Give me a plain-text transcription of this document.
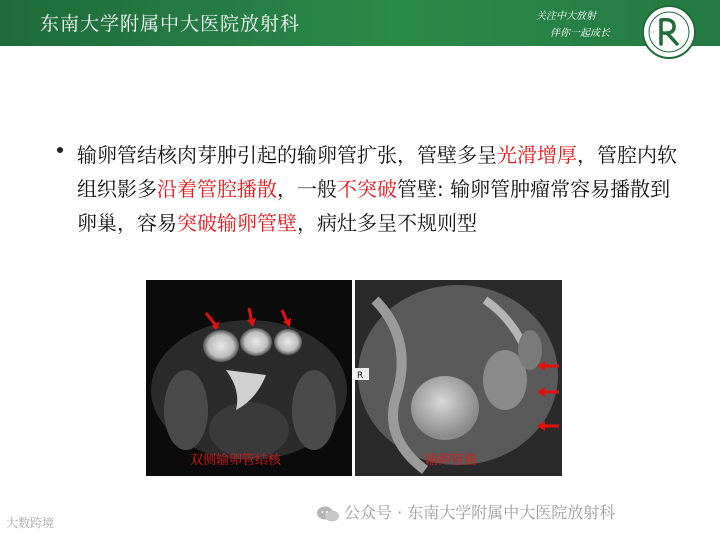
东南大学附属中大医院放射科	关注中大放射
伴你一起成长
输卵管结核肉芽肿引起的输卵管扩张，管壁多呈光滑增厚，管腔内软组织影多沿着管腔播散，一般不突破管壁: 输卵管肿瘤常容易播散到卵巢，容易突破输卵管壁，病灶多呈不规则型
双侧输卵管结核
R
输卵管癌
公众号 · 东南大学附属中大医院放射科
大数跨境
